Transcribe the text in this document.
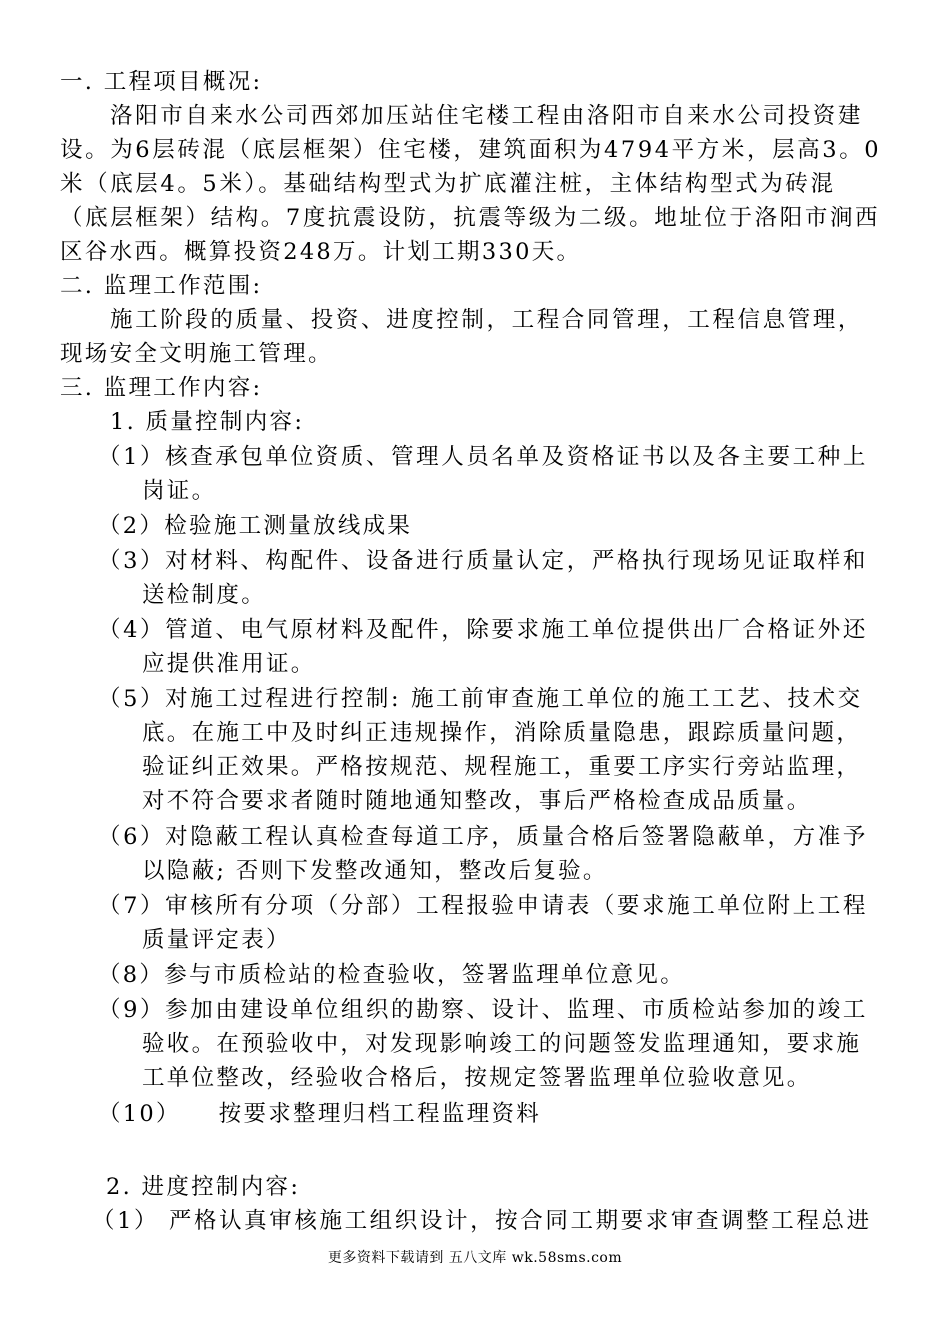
一. 工程项目概况:
洛阳市自来水公司西郊加压站住宅楼工程由洛阳市自来水公司投资建
设。为6层砖混（底层框架）住宅楼，建筑面积为4794平方米，层高3。0
米（底层4。5米）。基础结构型式为扩底灌注桩，主体结构型式为砖混
（底层框架）结构。7度抗震设防，抗震等级为二级。地址位于洛阳市涧西
区谷水西。概算投资248万。计划工期330天。
二. 监理工作范围:
施工阶段的质量、投资、进度控制，工程合同管理，工程信息管理，
现场安全文明施工管理。
三. 监理工作内容:
1. 质量控制内容:
（1）核查承包单位资质、管理人员名单及资格证书以及各主要工种上
岗证。
（2）检验施工测量放线成果
（3）对材料、构配件、设备进行质量认定，严格执行现场见证取样和
送检制度。
（4）管道、电气原材料及配件，除要求施工单位提供出厂合格证外还
应提供准用证。
（5）对施工过程进行控制: 施工前审查施工单位的施工工艺、技术交
底。在施工中及时纠正违规操作，消除质量隐患，跟踪质量问题，
验证纠正效果。严格按规范、规程施工，重要工序实行旁站监理，
对不符合要求者随时随地通知整改，事后严格检查成品质量。
（6）对隐蔽工程认真检查每道工序，质量合格后签署隐蔽单，方准予
以隐蔽; 否则下发整改通知，整改后复验。
（7）审核所有分项（分部）工程报验申请表（要求施工单位附上工程
质量评定表）
（8）参与市质检站的检查验收，签署监理单位意见。
（9）参加由建设单位组织的勘察、设计、监理、市质检站参加的竣工
验收。在预验收中，对发现影响竣工的问题签发监理通知，要求施
工单位整改，经验收合格后，按规定签署监理单位验收意见。
（10）    按要求整理归档工程监理资料
2. 进度控制内容:
（1） 严格认真审核施工组织设计，按合同工期要求审查调整工程总进
更多资料下载请到 五八文库 wk.58sms.com
